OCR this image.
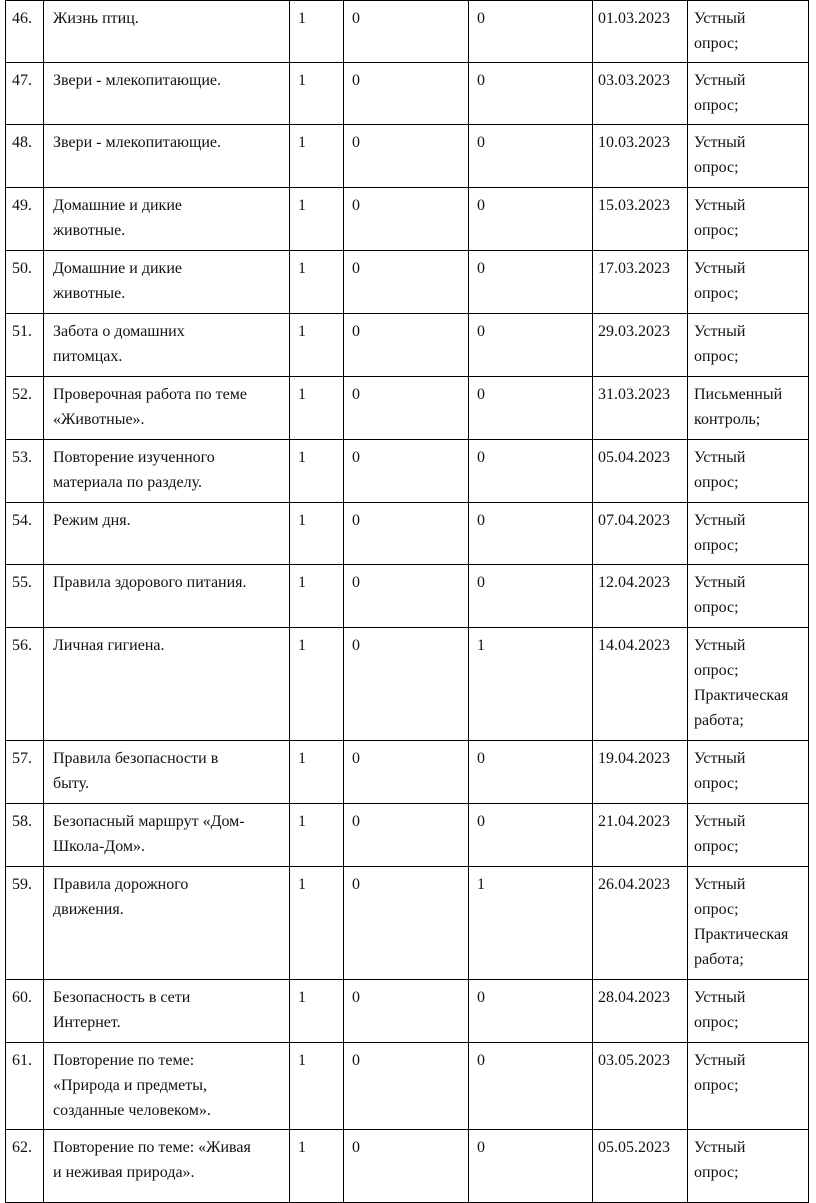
46.	Жизнь птиц.	1	0	0	01.03.2023	Устный
опрос;

47.	Звери - млекопитающие.	1	0	0	03.03.2023	Устный
опрос;

48.	Звери - млекопитающие.	1	0	0	10.03.2023	Устный
опрос;

49.	Домашние и дикие
животные.	1	0	0	15.03.2023	Устный
опрос;

50.	Домашние и дикие
животные.	1	0	0	17.03.2023	Устный
опрос;

51.	Забота о домашних
питомцах.	1	0	0	29.03.2023	Устный
опрос;

52.	Проверочная работа по теме
«Животные».	1	0	0	31.03.2023	Письменный
контроль;

53.	Повторение изученного
материала по разделу.	1	0	0	05.04.2023	Устный
опрос;

54.	Режим дня.	1	0	0	07.04.2023	Устный
опрос;

55.	Правила здорового питания.	1	0	0	12.04.2023	Устный
опрос;

56.	Личная гигиена.	1	0	1	14.04.2023	Устный
опрос;
Практическая
работа;

57.	Правила безопасности в
быту.	1	0	0	19.04.2023	Устный
опрос;

58.	Безопасный маршрут «Дом-
Школа-Дом».	1	0	0	21.04.2023	Устный
опрос;

59.	Правила дорожного
движения.	1	0	1	26.04.2023	Устный
опрос;
Практическая
работа;

60.	Безопасность в сети
Интернет.	1	0	0	28.04.2023	Устный
опрос;

61.	Повторение по теме:
«Природа и предметы,
созданные человеком».	1	0	0	03.05.2023	Устный
опрос;

62.	Повторение по теме: «Живая
и неживая природа».	1	0	0	05.05.2023	Устный
опрос;
